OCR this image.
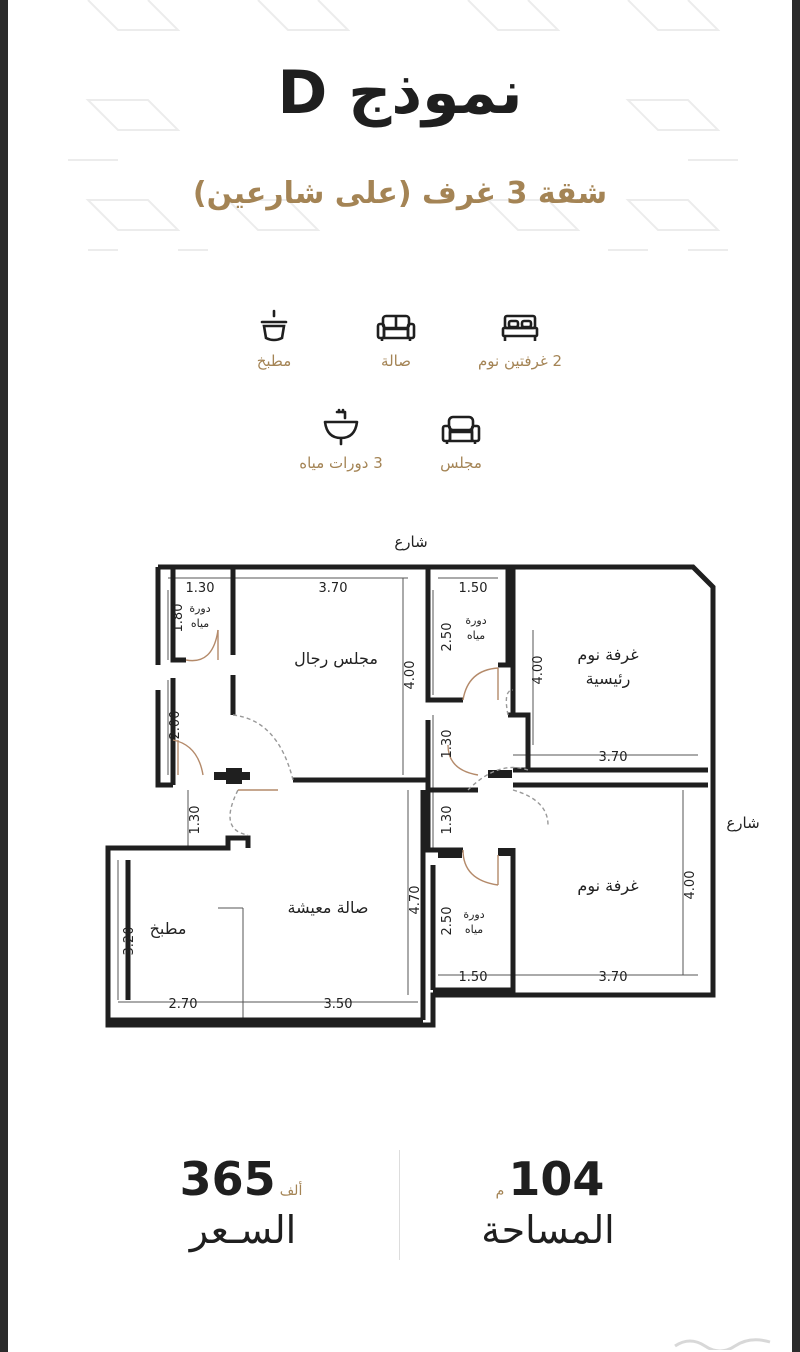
نموذج D
شقة 3 غرف (على شارعين)
2 غرفتين نوم
صالة
مطبخ
مجلس
3 دورات مياه
شارع
شارع
مجلس رجال	غرفة نوم
رئيسية
غرفة نوم
صالة معيشة
مطبخ
دورة
مياه	دورة
مياه
دورة
مياه
1.30	3.70	1.50
3.70
1.50	3.70
2.70	3.50
1.80
2.00
1.30
4.00
2.50
1.30
1.30
4.00
4.70
2.50
4.00
3.20
104م
المساحة
ألف365
السـعر
